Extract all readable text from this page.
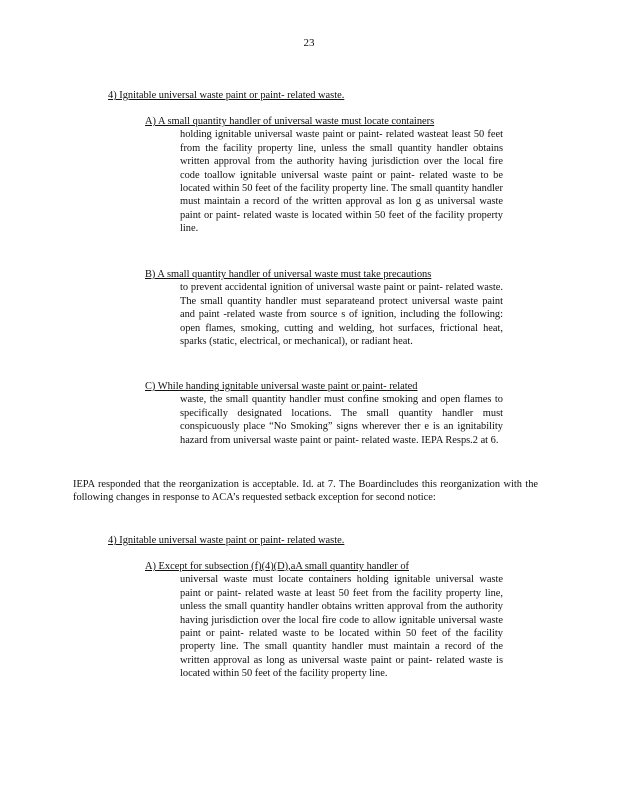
23
4) Ignitable universal waste paint or paint- related waste.
A) A small quantity handler of universal waste must locate containers
holding ignitable universal waste paint or paint- related wasteat least 50 feet from the facility property line, unless the small quantity handler obtains written approval from the authority having jurisdiction over the local fire code toallow ignitable universal waste paint or paint- related waste to be located within 50 feet of the facility property line. The small quantity handler must maintain a record of the written approval as lon g as universal waste paint or paint- related waste is located within 50 feet of the facility property line.
B) A small quantity handler of universal waste must take precautions
to prevent accidental ignition of universal waste paint or paint- related waste. The small quantity handler must separateand protect universal waste paint and paint -related waste from source s of ignition, including the following: open flames, smoking, cutting and welding, hot surfaces, frictional heat, sparks (static, electrical, or mechanical), or radiant heat.
C) While handing ignitable universal waste paint or paint- related
waste, the small quantity handler must confine smoking and open flames to specifically designated locations. The small quantity handler must conspicuously place “No Smoking” signs wherever ther e is an ignitability hazard from universal waste paint or paint- related waste. IEPA Resps.2 at 6.
IEPA responded that the reorganization is acceptable. Id. at 7. The Boardincludes this reorganization with the following changes in response to ACA’s requested setback exception for second notice:
4) Ignitable universal waste paint or paint- related waste.
A) Except for subsection (f)(4)(D),aA small quantity handler of
universal waste must locate containers holding ignitable universal waste paint or paint- related waste at least 50 feet from the facility property line, unless the small quantity handler obtains written approval from the authority having jurisdiction over the local fire code to allow ignitable universal waste paint or paint- related waste to be located within 50 feet of the facility property line. The small quantity handler must maintain a record of the written approval as long as universal waste paint or paint- related waste is located within 50 feet of the facility property line.
